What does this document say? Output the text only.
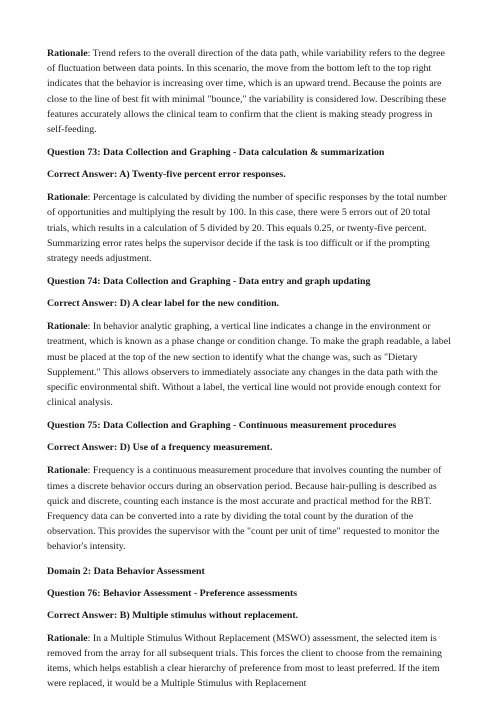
Rationale: Trend refers to the overall direction of the data path, while variability refers to the degree of fluctuation between data points. In this scenario, the move from the bottom left to the top right indicates that the behavior is increasing over time, which is an upward trend. Because the points are close to the line of best fit with minimal "bounce," the variability is considered low. Describing these features accurately allows the clinical team to confirm that the client is making steady progress in self-feeding.

Question 73: Data Collection and Graphing - Data calculation & summarization

Correct Answer: A) Twenty-five percent error responses.

Rationale: Percentage is calculated by dividing the number of specific responses by the total number of opportunities and multiplying the result by 100. In this case, there were 5 errors out of 20 total trials, which results in a calculation of 5 divided by 20. This equals 0.25, or twenty-five percent. Summarizing error rates helps the supervisor decide if the task is too difficult or if the prompting strategy needs adjustment.

Question 74: Data Collection and Graphing - Data entry and graph updating

Correct Answer: D) A clear label for the new condition.

Rationale: In behavior analytic graphing, a vertical line indicates a change in the environment or treatment, which is known as a phase change or condition change. To make the graph readable, a label must be placed at the top of the new section to identify what the change was, such as "Dietary Supplement." This allows observers to immediately associate any changes in the data path with the specific environmental shift. Without a label, the vertical line would not provide enough context for clinical analysis.

Question 75: Data Collection and Graphing - Continuous measurement procedures

Correct Answer: D) Use of a frequency measurement.

Rationale: Frequency is a continuous measurement procedure that involves counting the number of times a discrete behavior occurs during an observation period. Because hair-pulling is described as quick and discrete, counting each instance is the most accurate and practical method for the RBT. Frequency data can be converted into a rate by dividing the total count by the duration of the observation. This provides the supervisor with the "count per unit of time" requested to monitor the behavior's intensity.

Domain 2: Data Behavior Assessment

Question 76: Behavior Assessment - Preference assessments

Correct Answer: B) Multiple stimulus without replacement.

Rationale: In a Multiple Stimulus Without Replacement (MSWO) assessment, the selected item is removed from the array for all subsequent trials. This forces the client to choose from the remaining items, which helps establish a clear hierarchy of preference from most to least preferred. If the item were replaced, it would be a Multiple Stimulus with Replacement
